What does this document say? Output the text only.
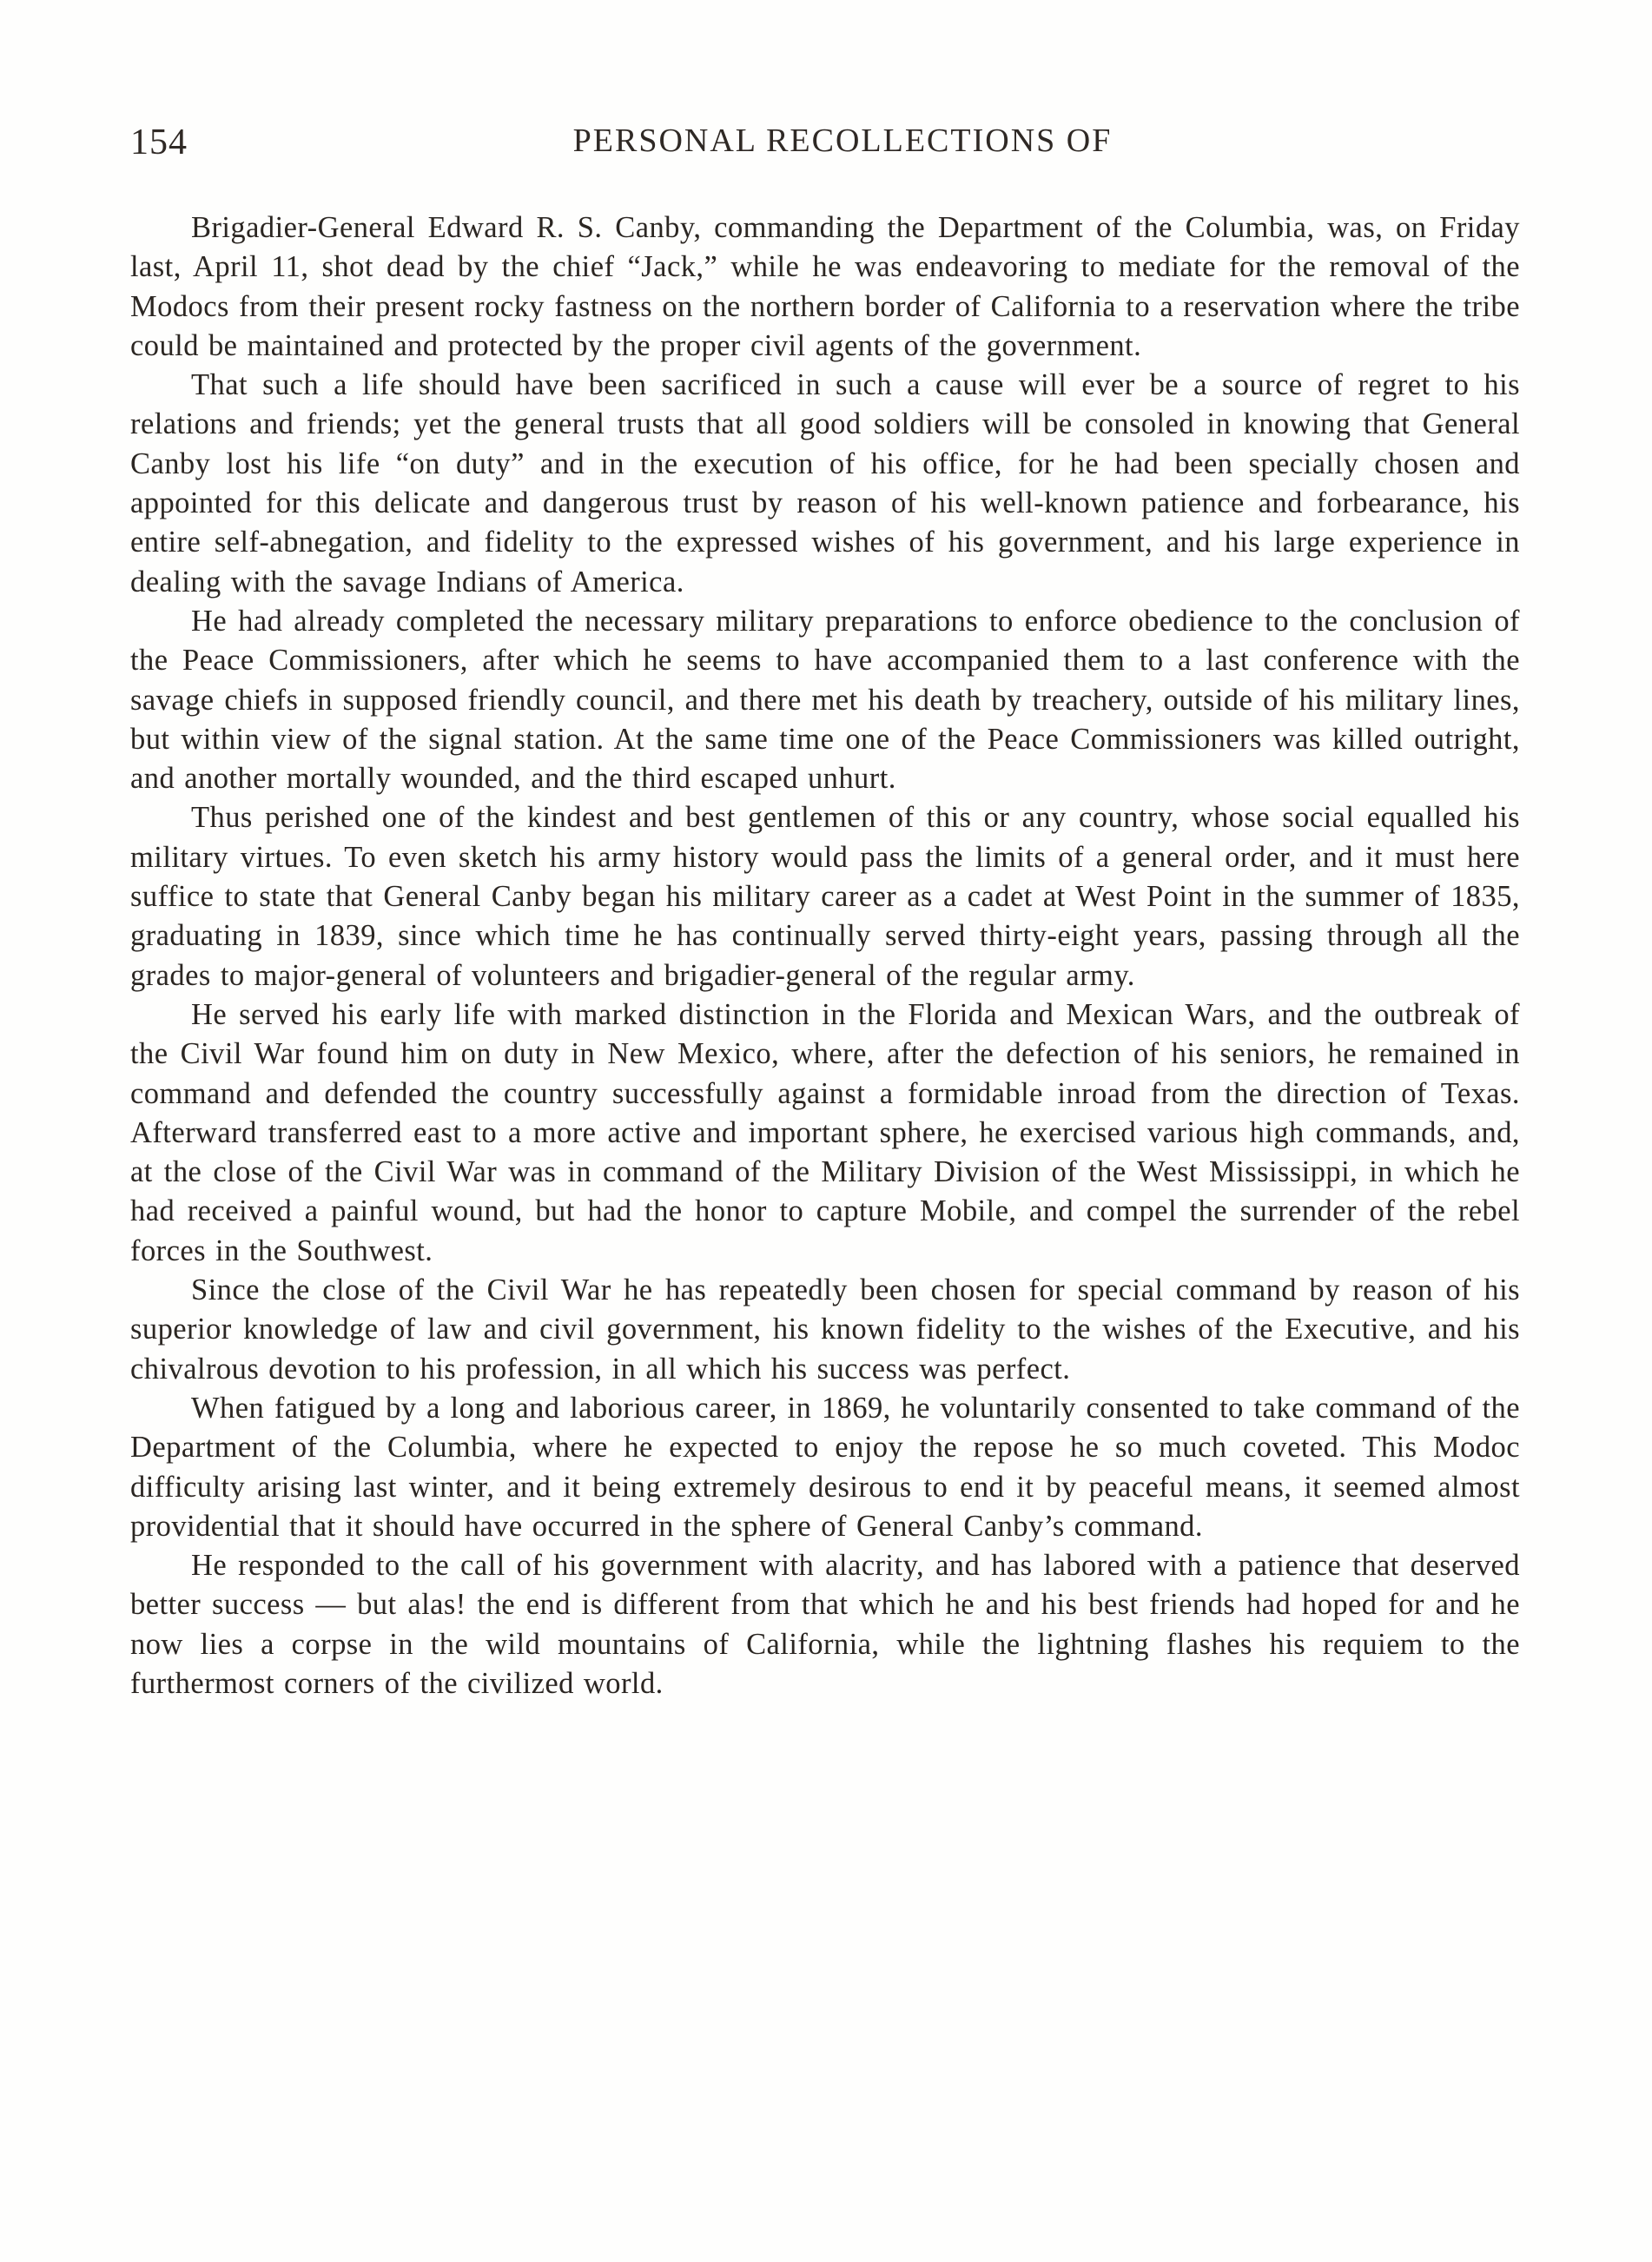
154	PERSONAL RECOLLECTIONS OF

Brigadier-General Edward R. S. Canby, commanding the Department of the Columbia, was, on Friday last, April 11, shot dead by the chief “Jack,” while he was endeavoring to mediate for the removal of the Modocs from their present rocky fastness on the northern border of California to a reservation where the tribe could be maintained and protected by the proper civil agents of the government.

That such a life should have been sacrificed in such a cause will ever be a source of regret to his relations and friends; yet the general trusts that all good soldiers will be consoled in knowing that General Canby lost his life “on duty” and in the execution of his office, for he had been specially chosen and appointed for this delicate and dangerous trust by reason of his well-known patience and forbearance, his entire self-abnegation, and fidelity to the expressed wishes of his government, and his large experience in dealing with the savage Indians of America.

He had already completed the necessary military preparations to enforce obedience to the conclusion of the Peace Commissioners, after which he seems to have accompanied them to a last conference with the savage chiefs in supposed friendly council, and there met his death by treachery, outside of his military lines, but within view of the signal station. At the same time one of the Peace Commissioners was killed outright, and another mortally wounded, and the third escaped unhurt.

Thus perished one of the kindest and best gentlemen of this or any country, whose social equalled his military virtues. To even sketch his army history would pass the limits of a general order, and it must here suffice to state that General Canby began his military career as a cadet at West Point in the summer of 1835, graduating in 1839, since which time he has continually served thirty-eight years, passing through all the grades to major-general of volunteers and brigadier-general of the regular army.

He served his early life with marked distinction in the Florida and Mexican Wars, and the outbreak of the Civil War found him on duty in New Mexico, where, after the defection of his seniors, he remained in command and defended the country successfully against a formidable inroad from the direction of Texas. Afterward transferred east to a more active and important sphere, he exercised various high commands, and, at the close of the Civil War was in command of the Military Division of the West Mississippi, in which he had received a painful wound, but had the honor to capture Mobile, and compel the surrender of the rebel forces in the Southwest.

Since the close of the Civil War he has repeatedly been chosen for special command by reason of his superior knowledge of law and civil government, his known fidelity to the wishes of the Executive, and his chivalrous devotion to his profession, in all which his success was perfect.

When fatigued by a long and laborious career, in 1869, he voluntarily consented to take command of the Department of the Columbia, where he expected to enjoy the repose he so much coveted. This Modoc difficulty arising last winter, and it being extremely desirous to end it by peaceful means, it seemed almost providential that it should have occurred in the sphere of General Canby’s command.

He responded to the call of his government with alacrity, and has labored with a patience that deserved better success — but alas! the end is different from that which he and his best friends had hoped for and he now lies a corpse in the wild mountains of California, while the lightning flashes his requiem to the furthermost corners of the civilized world.
